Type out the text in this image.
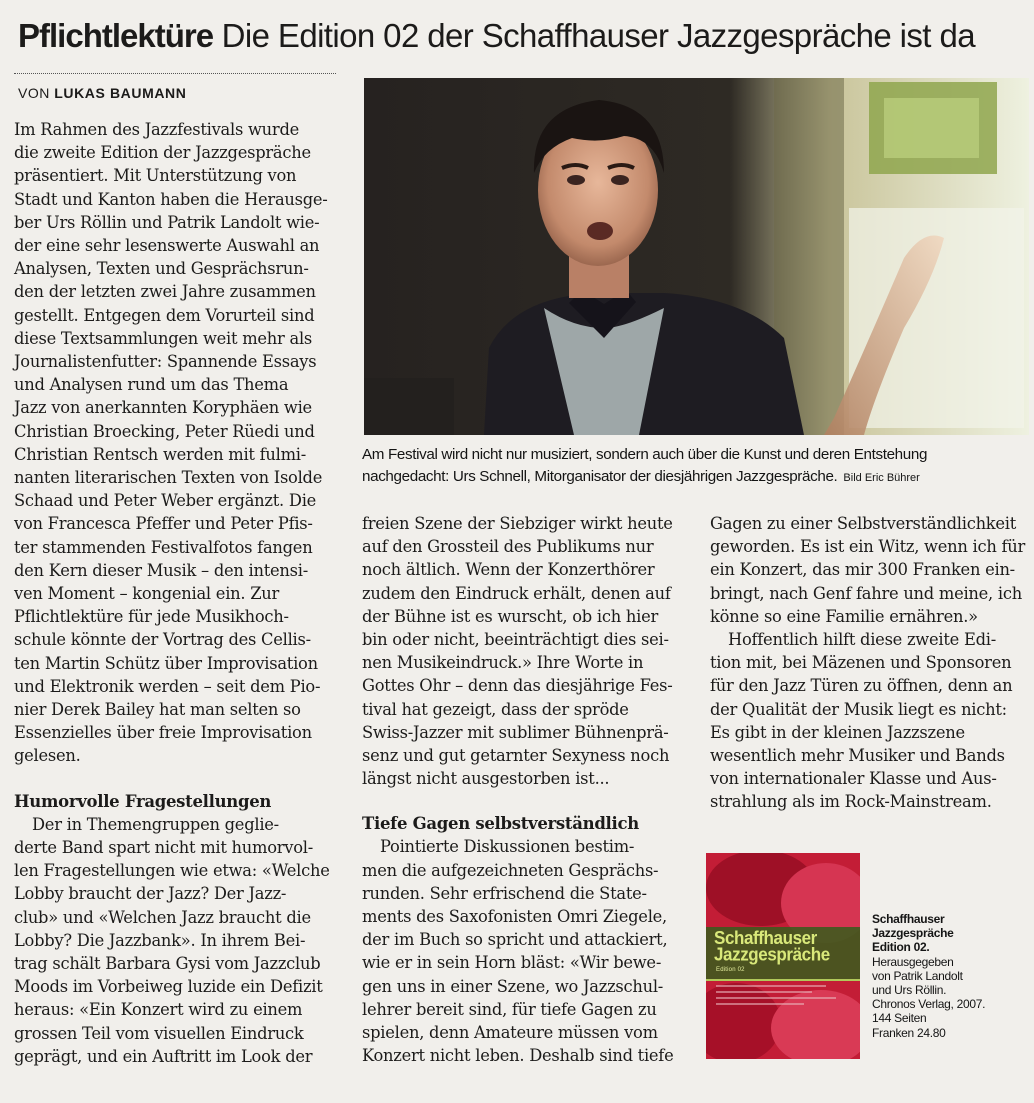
Pflichtlektüre Die Edition 02 der Schaffhauser Jazzgespräche ist da
VON LUKAS BAUMANN

Im Rahmen des Jazzfestivals wurde

die zweite Edition der Jazzgespräche

präsentiert. Mit Unterstützung von

Stadt und Kanton haben die Herausge-

ber Urs Röllin und Patrik Landolt wie-

der eine sehr lesenswerte Auswahl an

Analysen, Texten und Gesprächsrun-

den der letzten zwei Jahre zusammen

gestellt. Entgegen dem Vorurteil sind

diese Textsammlungen weit mehr als

Journalistenfutter: Spannende Essays

und Analysen rund um das Thema

Jazz von anerkannten Koryphäen wie

Christian Broecking, Peter Rüedi und

Christian Rentsch werden mit fulmi-

nanten literarischen Texten von Isolde

Schaad und Peter Weber ergänzt. Die

von Francesca Pfeffer und Peter Pfis-

ter stammenden Festivalfotos fangen

den Kern dieser Musik – den intensi-

ven Moment – kongenial ein. Zur

Pflichtlektüre für jede Musikhoch-

schule könnte der Vortrag des Cellis-

ten Martin Schütz über Improvisation

und Elektronik werden – seit dem Pio-

nier Derek Bailey hat man selten so

Essenzielles über freie Improvisation

gelesen.

Humorvolle Fragestellungen

Der in Themengruppen geglie-

derte Band spart nicht mit humorvol-

len Fragestellungen wie etwa: «Welche

Lobby braucht der Jazz? Der Jazz-

club» und «Welchen Jazz braucht die

Lobby? Die Jazzbank». In ihrem Bei-

trag schält Barbara Gysi vom Jazzclub

Moods im Vorbeiweg luzide ein Defizit

heraus: «Ein Konzert wird zu einem

grossen Teil vom visuellen Eindruck

geprägt, und ein Auftritt im Look der

Am Festival wird nicht nur musiziert, sondern auch über die Kunst und deren Entstehung

nachgedacht: Urs Schnell, Mitorganisator der diesjährigen Jazzgespräche. Bild Eric Bührer

freien Szene der Siebziger wirkt heute

auf den Grossteil des Publikums nur

noch ältlich. Wenn der Konzerthörer

zudem den Eindruck erhält, denen auf

der Bühne ist es wurscht, ob ich hier

bin oder nicht, beeinträchtigt dies sei-

nen Musikeindruck.» Ihre Worte in

Gottes Ohr – denn das diesjährige Fes-

tival hat gezeigt, dass der spröde

Swiss-Jazzer mit sublimer Bühnenprä-

senz und gut getarnter Sexyness noch

längst nicht ausgestorben ist...

Tiefe Gagen selbstverständlich

Pointierte Diskussionen bestim-

men die aufgezeichneten Gesprächs-

runden. Sehr erfrischend die State-

ments des Saxofonisten Omri Ziegele,

der im Buch so spricht und attackiert,

wie er in sein Horn bläst: «Wir bewe-

gen uns in einer Szene, wo Jazzschul-

lehrer bereit sind, für tiefe Gagen zu

spielen, denn Amateure müssen vom

Konzert nicht leben. Deshalb sind tiefe

Gagen zu einer Selbstverständlichkeit

geworden. Es ist ein Witz, wenn ich für

ein Konzert, das mir 300 Franken ein-

bringt, nach Genf fahre und meine, ich

könne so eine Familie ernähren.»

Hoffentlich hilft diese zweite Edi-

tion mit, bei Mäzenen und Sponsoren

für den Jazz Türen zu öffnen, denn an

der Qualität der Musik liegt es nicht:

Es gibt in der kleinen Jazzszene

wesentlich mehr Musiker und Bands

von internationaler Klasse und Aus-

strahlung als im Rock-Mainstream.

Schaffhauser
Jazzgespräche
Edition 02

Schaffhauser

Jazzgespräche

Edition 02.

Herausgegeben

von Patrik Landolt

und Urs Röllin.

Chronos Verlag, 2007.

144 Seiten

Franken 24.80
